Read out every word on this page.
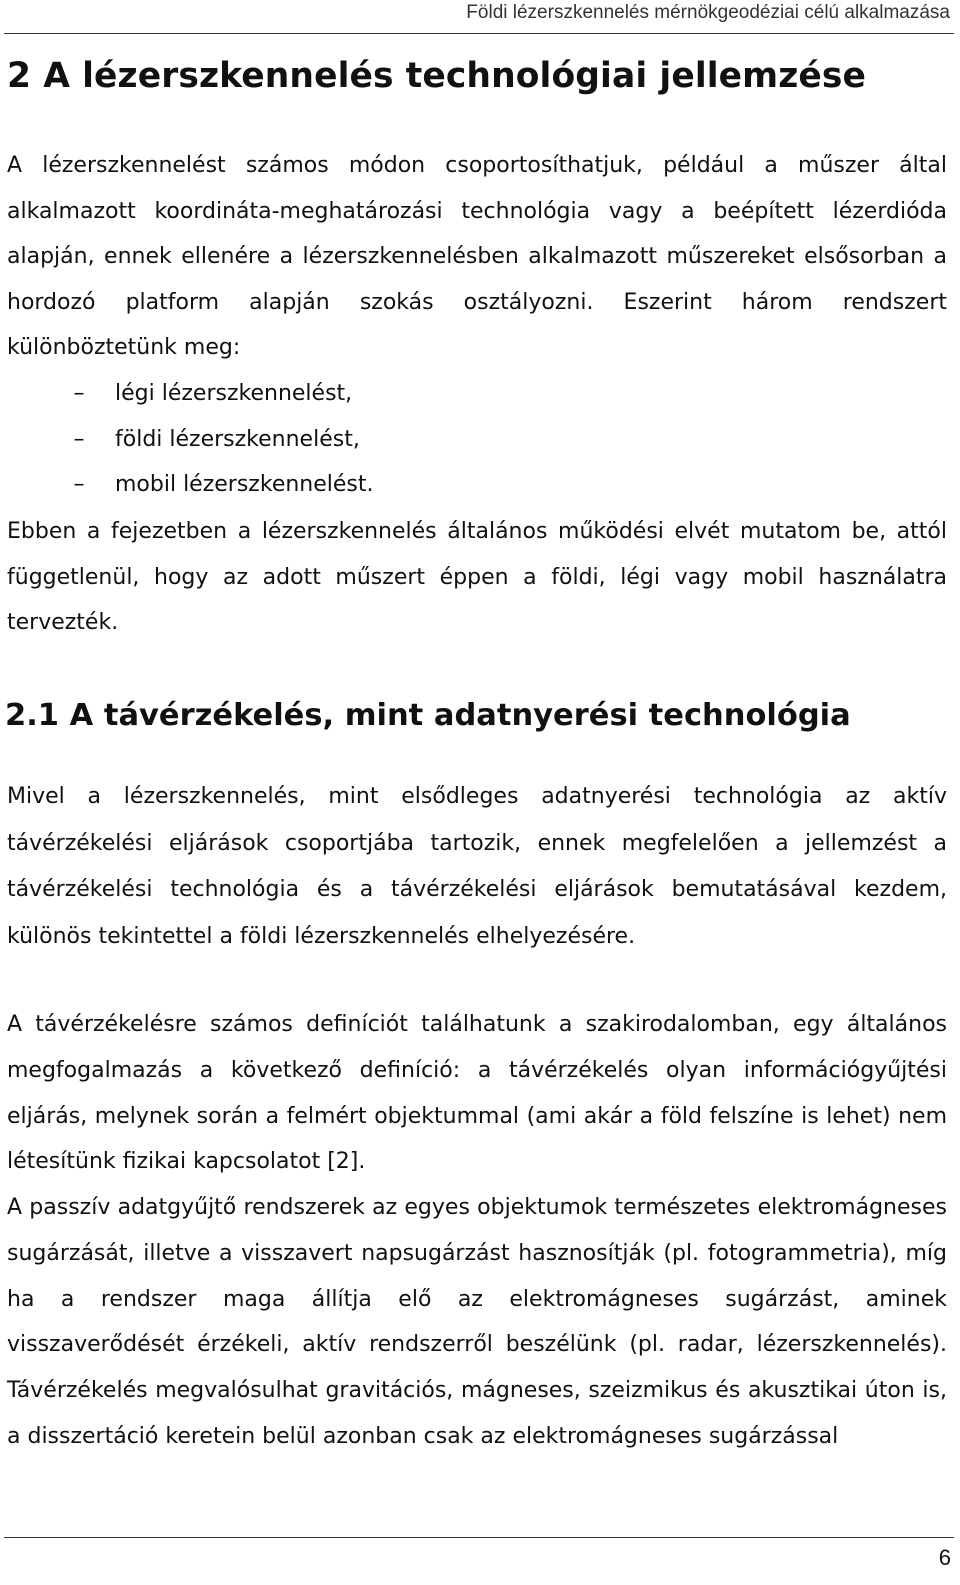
Földi lézerszkennelés mérnökgeodéziai célú alkalmazása
2 A lézerszkennelés technológiai jellemzése

A lézerszkennelést számos módon csoportosíthatjuk, például a műszer által alkalmazott koordináta-meghatározási technológia vagy a beépített lézerdióda alapján, ennek ellenére a lézerszkennelésben alkalmazott műszereket elsősorban a hordozó platform alapján szokás osztályozni. Eszerint három rendszert különböztetünk meg:

– légi lézerszkennelést,
– földi lézerszkennelést,
– mobil lézerszkennelést.

Ebben a fejezetben a lézerszkennelés általános működési elvét mutatom be, attól függetlenül, hogy az adott műszert éppen a földi, légi vagy mobil használatra tervezték.

2.1 A távérzékelés, mint adatnyerési technológia

Mivel a lézerszkennelés, mint elsődleges adatnyerési technológia az aktív távérzékelési eljárások csoportjába tartozik, ennek megfelelően a jellemzést a távérzékelési technológia és a távérzékelési eljárások bemutatásával kezdem, különös tekintettel a földi lézerszkennelés elhelyezésére.

A távérzékelésre számos definíciót találhatunk a szakirodalomban, egy általános megfogalmazás a következő definíció: a távérzékelés olyan információgyűjtési eljárás, melynek során a felmért objektummal (ami akár a föld felszíne is lehet) nem létesítünk fizikai kapcsolatot [2].

A passzív adatgyűjtő rendszerek az egyes objektumok természetes elektromágneses sugárzását, illetve a visszavert napsugárzást hasznosítják (pl. fotogrammetria), míg ha a rendszer maga állítja elő az elektromágneses sugárzást, aminek visszaverődését érzékeli, aktív rendszerről beszélünk (pl. radar, lézerszkennelés). Távérzékelés megvalósulhat gravitációs, mágneses, szeizmikus és akusztikai úton is, a disszertáció keretein belül azonban csak az elektromágneses sugárzással

6
